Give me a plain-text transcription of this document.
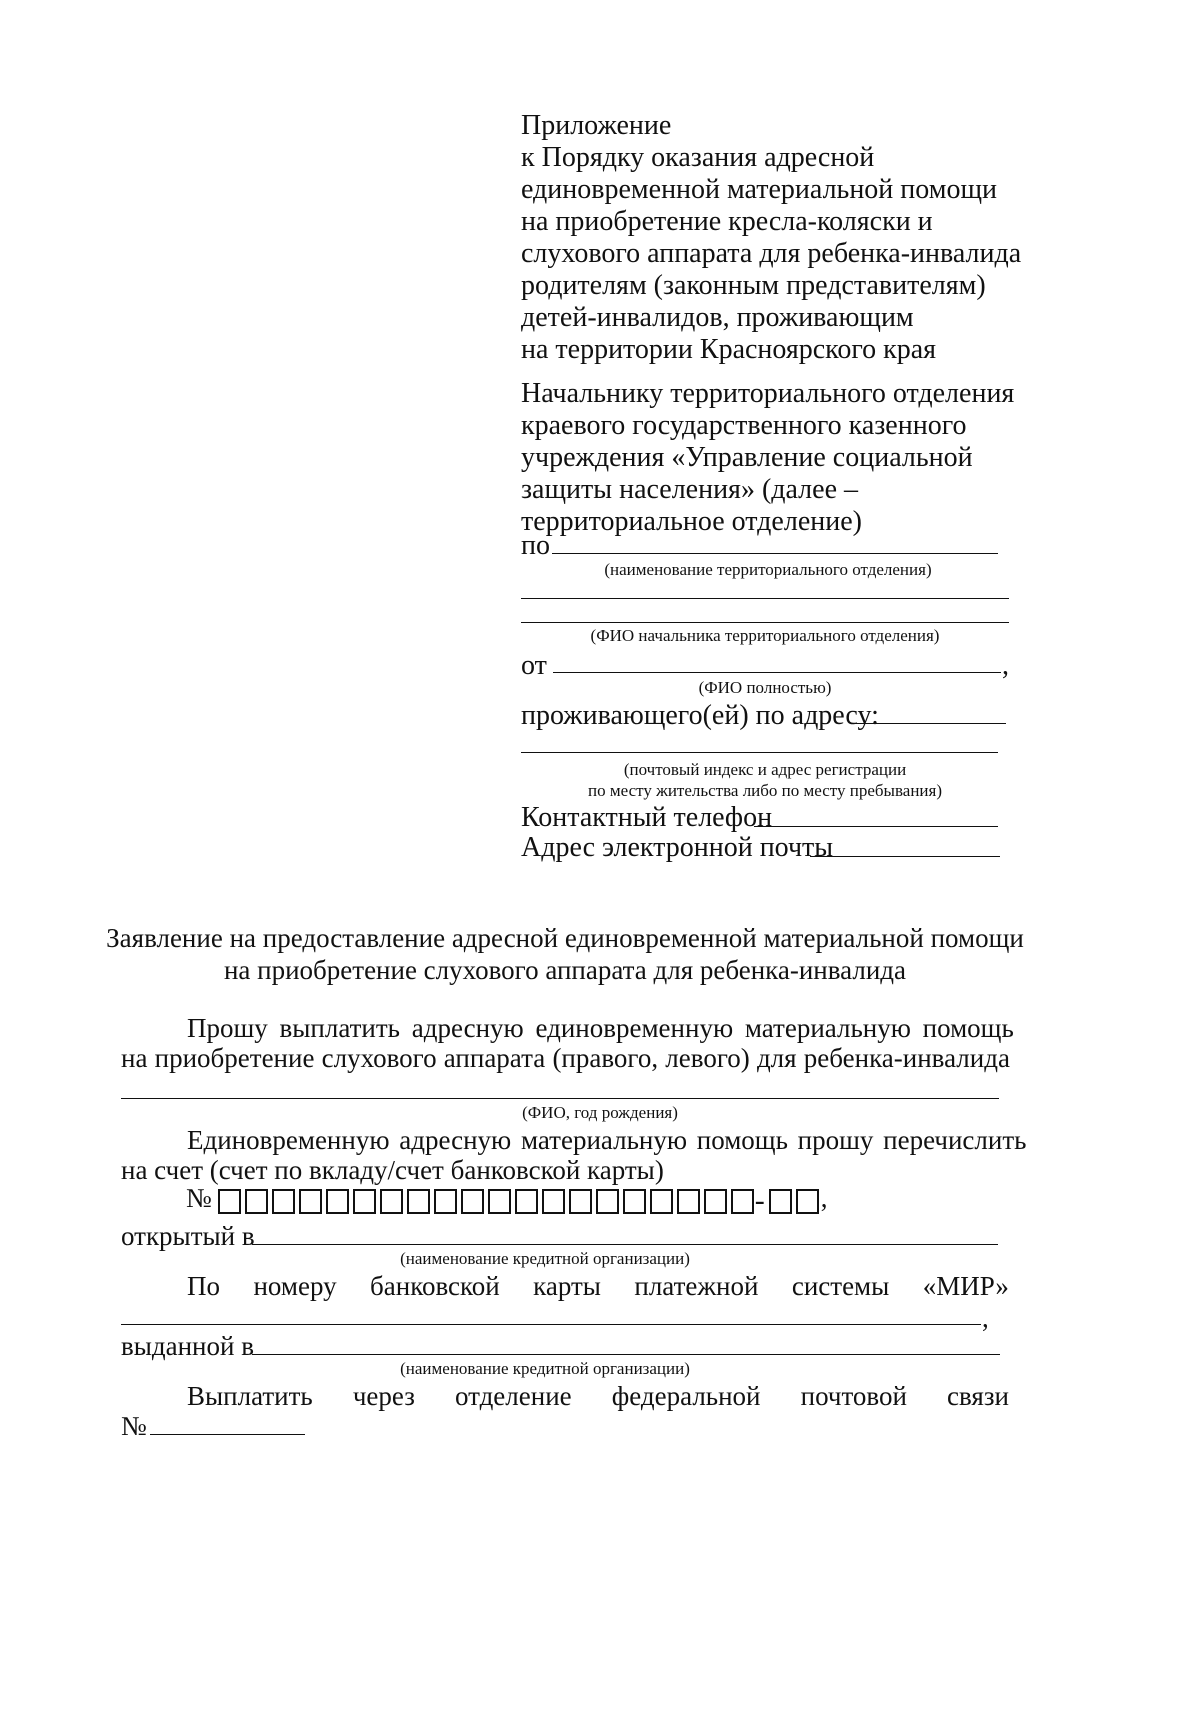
Приложение
к Порядку оказания адресной
единовременной материальной помощи
на приобретение кресла-коляски и
слухового аппарата для ребенка-инвалида
родителям (законным представителям)
детей-инвалидов, проживающим
на территории Красноярского края
Начальнику территориального отделения
краевого государственного казенного
учреждения «Управление социальной
защиты населения» (далее –
территориальное отделение)
по
(наименование территориального отделения)
(ФИО начальника территориального отделения)
от	,
(ФИО полностью)
проживающего(ей) по адресу:
(почтовый индекс и адрес регистрации
по месту жительства либо по месту пребывания)
Контактный телефон
Адрес электронной почты
Заявление на предоставление адресной единовременной материальной помощи
на приобретение слухового аппарата для ребенка-инвалида
Прошу выплатить адресную единовременную материальную помощь
на приобретение слухового аппарата (правого, левого) для ребенка-инвалида
(ФИО, год рождения)
Единовременную адресную материальную помощь прошу перечислить
на счет (счет по вкладу/счет банковской карты)
№	- ,
открытый в
(наименование кредитной организации)
По номеру банковской карты платежной системы «МИР»
,
выданной в
(наименование кредитной организации)
Выплатить через отделение федеральной почтовой связи
№
